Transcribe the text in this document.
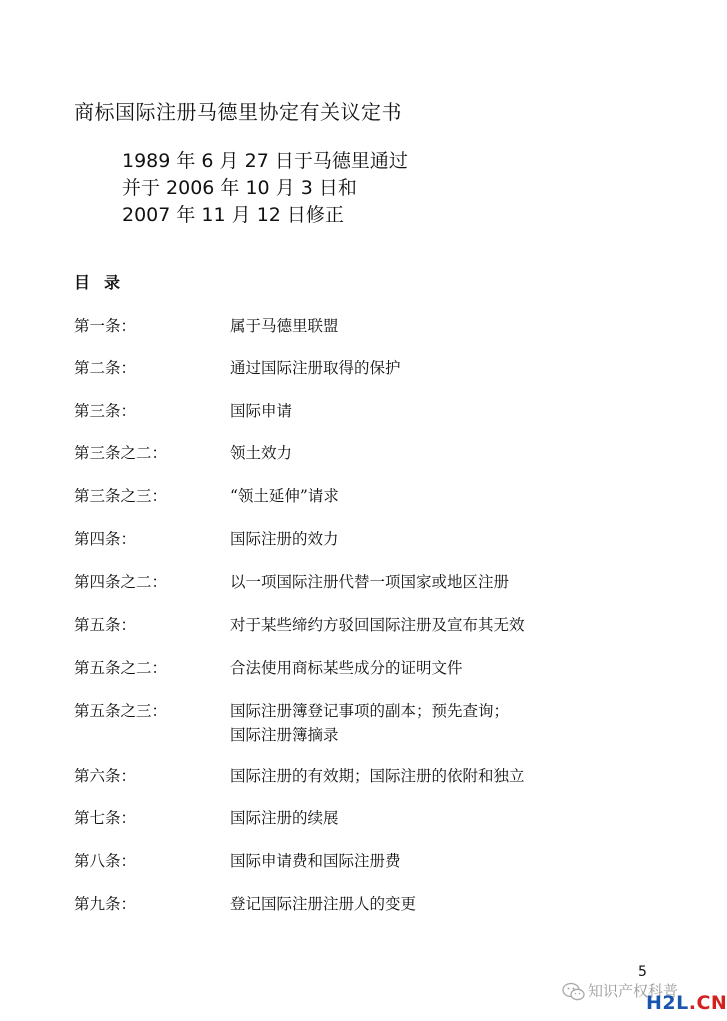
商标国际注册马德里协定有关议定书
1989 年 6 月 27 日于马德里通过
并于 2006 年 10 月 3 日和
2007 年 11 月 12 日修正
目录
第一条：	属于马德里联盟
第二条：	通过国际注册取得的保护
第三条：	国际申请
第三条之二：	领土效力
第三条之三：	“领土延伸”请求
第四条：	国际注册的效力
第四条之二：	以一项国际注册代替一项国家或地区注册
第五条：	对于某些缔约方驳回国际注册及宣布其无效
第五条之二：	合法使用商标某些成分的证明文件
第五条之三：	国际注册簿登记事项的副本；预先查询；
国际注册簿摘录
第六条：	国际注册的有效期；国际注册的依附和独立
第七条：	国际注册的续展
第八条：	国际申请费和国际注册费
第九条：	登记国际注册注册人的变更
5
知识产权科普
H2L.CN
